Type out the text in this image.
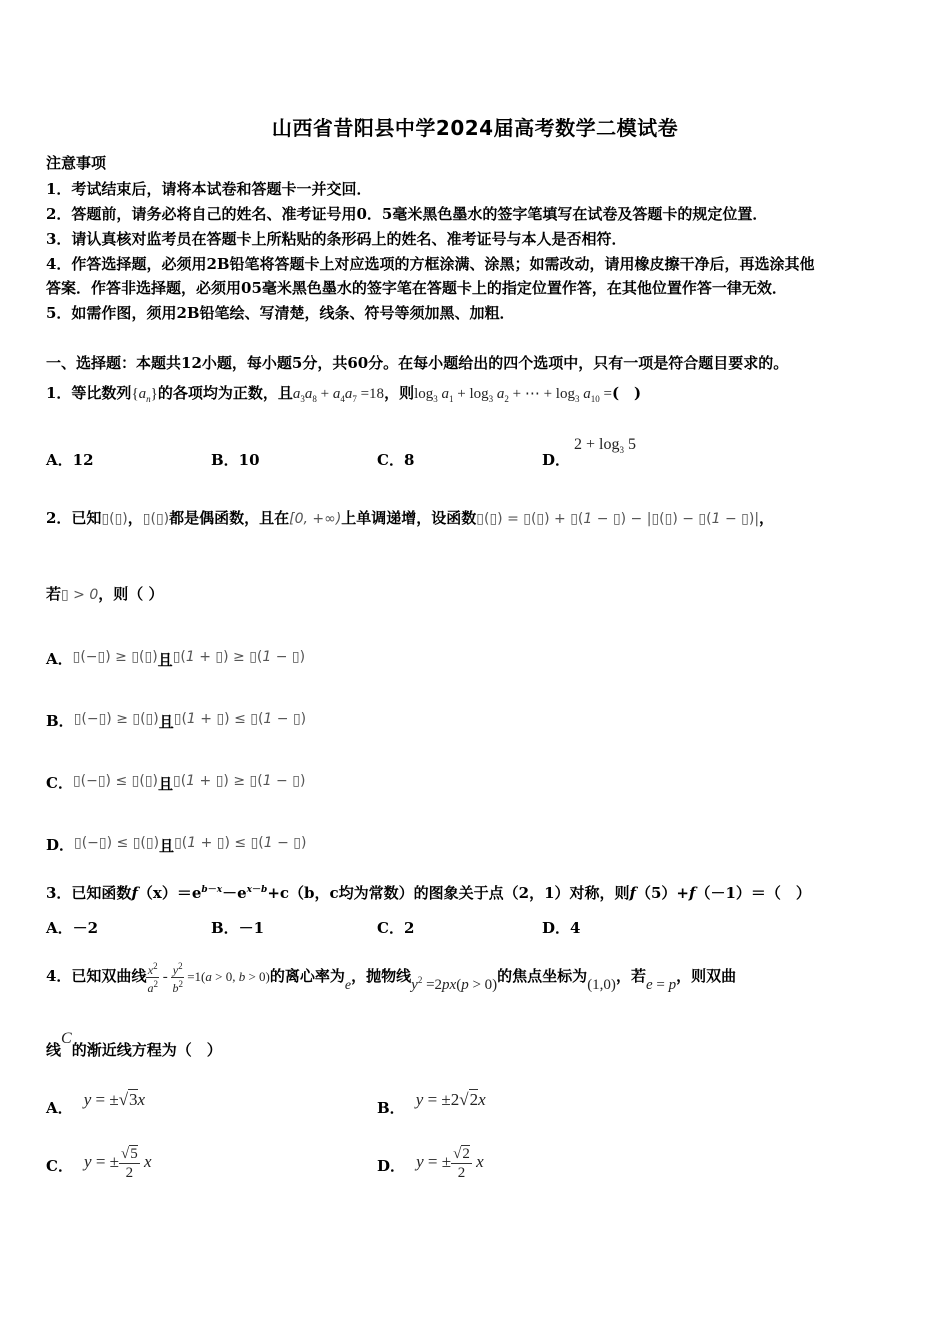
山西省昔阳县中学2024届高考数学二模试卷
注意事项
1．考试结束后，请将本试卷和答题卡一并交回．
2．答题前，请务必将自己的姓名、准考证号用0．5毫米黑色墨水的签字笔填写在试卷及答题卡的规定位置．
3．请认真核对监考员在答题卡上所粘贴的条形码上的姓名、准考证号与本人是否相符．
4．作答选择题，必须用2B铅笔将答题卡上对应选项的方框涂满、涂黑；如需改动，请用橡皮擦干净后，再选涂其他
答案．作答非选择题，必须用05毫米黑色墨水的签字笔在答题卡上的指定位置作答，在其他位置作答一律无效．
5．如需作图，须用2B铅笔绘、写清楚，线条、符号等须加黑、加粗．
一、选择题：本题共12小题，每小题5分，共60分。在每小题给出的四个选项中，只有一项是符合题目要求的。
1．等比数列$\{a_n\}$的各项均为正数，且$a_3a_8 + a_4a_7 =18$，则$\log_3 a_1 + \log_3 a_2$ + ⋯ + $\log_3 a_{10}$ =(　)
A．12	B．10	C．8	D．
$2 + \log_3 5$
2．已知▯(▯)，▯(▯)都是偶函数，且在[0, +∞)上单调递增，设函数▯(▯) = ▯(▯) + ▯(1 − ▯) − |▯(▯) − ▯(1 − ▯)|，
若▯ > 0，则（ ）
A．▯(−▯) ≥ ▯(▯)且▯(1 + ▯) ≥ ▯(1 − ▯)
B．▯(−▯) ≥ ▯(▯)且▯(1 + ▯) ≤ ▯(1 − ▯)
C．▯(−▯) ≤ ▯(▯)且▯(1 + ▯) ≥ ▯(1 − ▯)
D．▯(−▯) ≤ ▯(▯)且▯(1 + ▯) ≤ ▯(1 − ▯)
3．已知函数$f(x)=e^{b-x}-e^{x-b}+c(b$，c均为常数）的图象关于点（2，1）对称，则f（5）+f（－1）＝（　）
A．－2	B．－1	C．2	D．4
4．已知双曲线 $\frac{x^2}{a^2} - \frac{y^2}{b^2} =1(a > 0$, b > 0)的离心率为e，抛物线$y^2 =2px(p > 0)$的焦点坐标为(1,0)，若e = p，则双曲
线C的渐近线方程为（　）
A． y = ±√3x	B． y = ±2√2x
C． y = ± $\frac{√5}{2}$ x	D． y = ± $\frac{√2}{2}$ x
